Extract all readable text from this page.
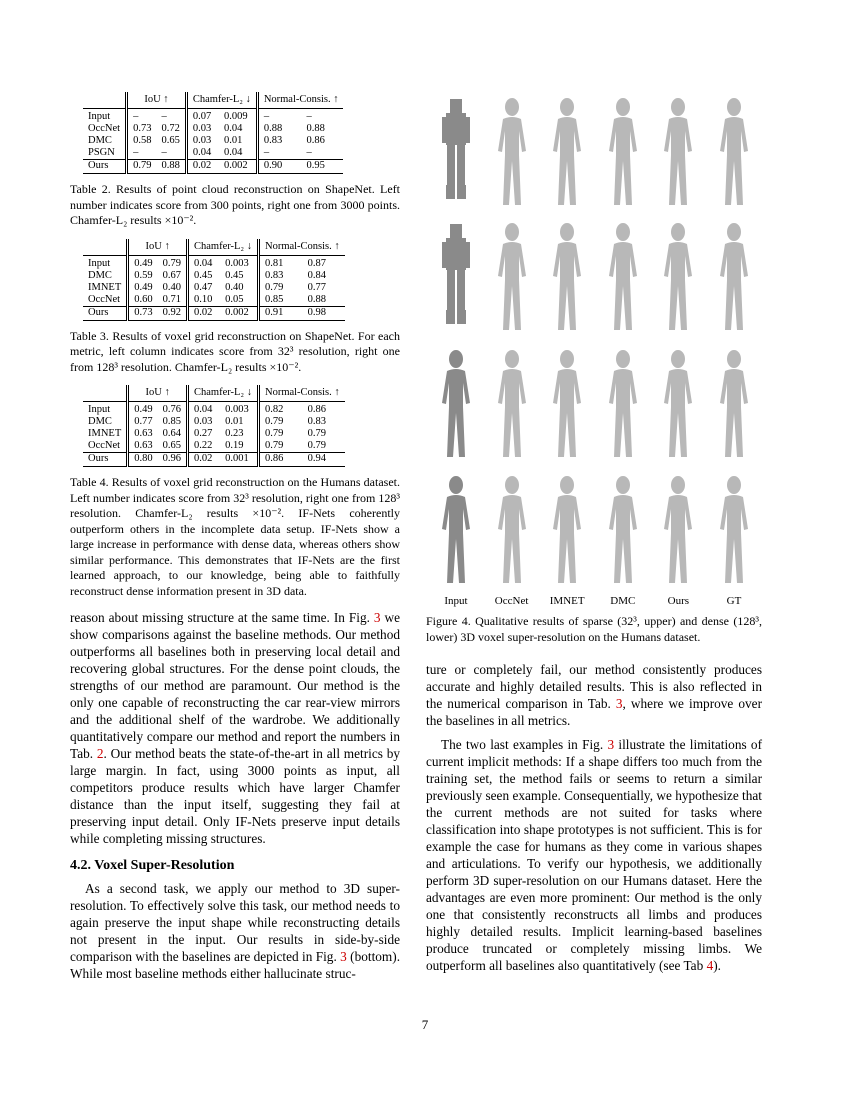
	IoU ↑		Chamfer-L₂ ↓		Normal-Consis. ↑	
Input	–	–	0.07	0.009	–	–
OccNet	0.73	0.72	0.03	0.04	0.88	0.88
DMC	0.58	0.65	0.03	0.01	0.83	0.86
PSGN	–	–	0.04	0.04	–	–
Ours	0.79	0.88	0.02	0.002	0.90	0.95

Table 2. Results of point cloud reconstruction on ShapeNet. Left number indicates score from 300 points, right one from 3000 points. Chamfer-L₂ results ×10⁻².

	IoU ↑		Chamfer-L₂ ↓		Normal-Consis. ↑	
Input	0.49	0.79	0.04	0.003	0.81	0.87
DMC	0.59	0.67	0.45	0.45	0.83	0.84
IMNET	0.49	0.40	0.47	0.40	0.79	0.77
OccNet	0.60	0.71	0.10	0.05	0.85	0.88
Ours	0.73	0.92	0.02	0.002	0.91	0.98

Table 3. Results of voxel grid reconstruction on ShapeNet. For each metric, left column indicates score from 32³ resolution, right one from 128³ resolution. Chamfer-L₂ results ×10⁻².

	IoU ↑		Chamfer-L₂ ↓		Normal-Consis. ↑	
Input	0.49	0.76	0.04	0.003	0.82	0.86
DMC	0.77	0.85	0.03	0.01	0.79	0.83
IMNET	0.63	0.64	0.27	0.23	0.79	0.79
OccNet	0.63	0.65	0.22	0.19	0.79	0.79
Ours	0.80	0.96	0.02	0.001	0.86	0.94

Table 4. Results of voxel grid reconstruction on the Humans dataset. Left number indicates score from 32³ resolution, right one from 128³ resolution. Chamfer-L₂ results ×10⁻². IF-Nets coherently outperform others in the incomplete data setup. IF-Nets show a large increase in performance with dense data, whereas others show similar performance. This demonstrates that IF-Nets are the first learned approach, to our knowledge, being able to faithfully reconstruct dense information present in 3D data.

reason about missing structure at the same time. In Fig. 3 we show comparisons against the baseline methods. Our method outperforms all baselines both in preserving local detail and recovering global structures. For the dense point clouds, the strengths of our method are paramount. Our method is the only one capable of reconstructing the car rear-view mirrors and the additional shelf of the wardrobe. We additionally quantitatively compare our method and report the numbers in Tab. 2. Our method beats the state-of-the-art in all metrics by large margin. In fact, using 3000 points as input, all competitors produce results which have larger Chamfer distance than the input itself, suggesting they fail at preserving input detail. Only IF-Nets preserve input details while completing missing structures.

4.2. Voxel Super-Resolution

As a second task, we apply our method to 3D super-resolution. To effectively solve this task, our method needs to again preserve the input shape while reconstructing details not present in the input. Our results in side-by-side comparison with the baselines are depicted in Fig. 3 (bottom). While most baseline methods either hallucinate struc-

Input	OccNet	IMNET	DMC	Ours	GT

Figure 4. Qualitative results of sparse (32³, upper) and dense (128³, lower) 3D voxel super-resolution on the Humans dataset.

ture or completely fail, our method consistently produces accurate and highly detailed results. This is also reflected in the numerical comparison in Tab. 3, where we improve over the baselines in all metrics.

The two last examples in Fig. 3 illustrate the limitations of current implicit methods: If a shape differs too much from the training set, the method fails or seems to return a similar previously seen example. Consequentially, we hypothesize that the current methods are not suited for tasks where classification into shape prototypes is not sufficient. This is for example the case for humans as they come in various shapes and articulations. To verify our hypothesis, we additionally perform 3D super-resolution on our Humans dataset. Here the advantages are even more prominent: Our method is the only one that consistently reconstructs all limbs and produces highly detailed results. Implicit learning-based baselines produce truncated or completely missing limbs. We outperform all baselines also quantitatively (see Tab 4).

7
